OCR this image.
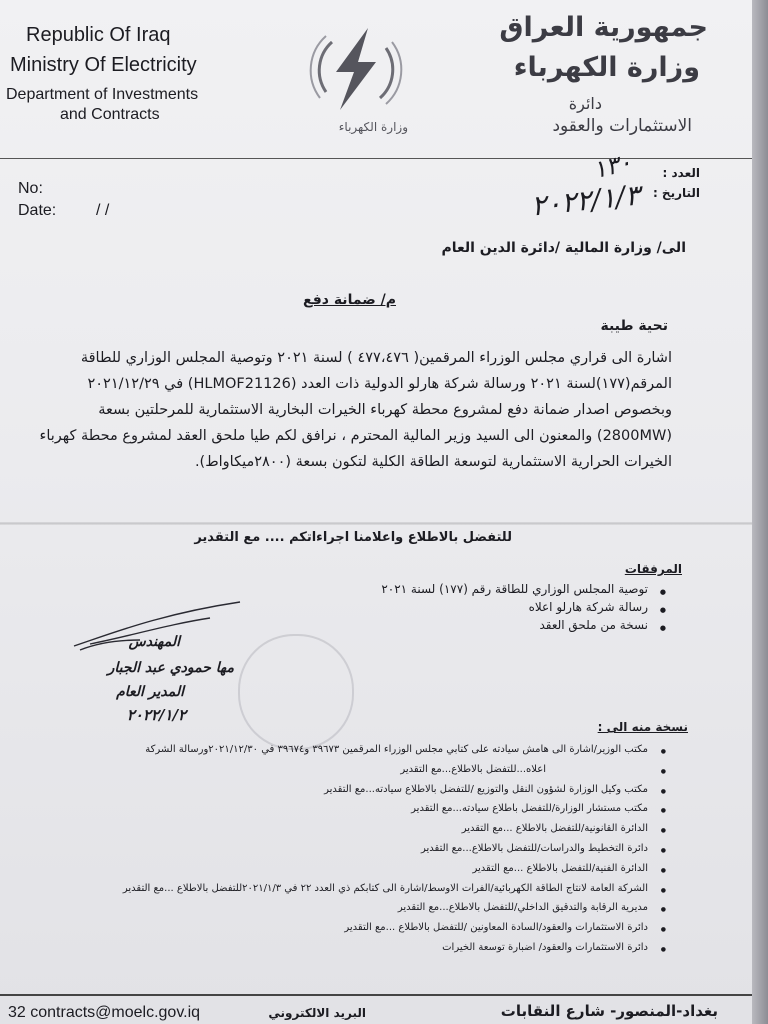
Republic Of Iraq
Ministry Of Electricity
Department of Investments
and Contracts
وزارة الكهرباء
جمهورية العراق
وزارة الكهرباء
دائرة
الاستثمارات والعقود
No:
Date: / /
العدد :
التاريخ :
١٣٠
٢٠٢٢/١/٣
الى/ وزارة المالية /دائرة الدين العام
م/ ضمانة دفع
تحية طيبة
اشارة الى قراري مجلس الوزراء المرقمين( ٤٧٧،٤٧٦ ) لسنة ٢٠٢١ وتوصية المجلس الوزاري للطاقة
المرقم(١٧٧)لسنة ٢٠٢١ ورسالة شركة هارلو الدولية ذات العدد (HLMOF21126) في ٢٠٢١/١٢/٢٩
وبخصوص اصدار ضمانة دفع لمشروع محطة كهرباء الخيرات البخارية الاستثمارية للمرحلتين بسعة
(2800MW) والمعنون الى السيد وزير المالية المحترم ، نرافق لكم طيا ملحق العقد لمشروع محطة كهرباء
الخيرات الحرارية الاستثمارية لتوسعة الطاقة الكلية لتكون بسعة (٢٨٠٠ميكاواط).
للتفضل بالاطلاع واعلامنا اجراءاتكم .... مع التقدير
المرفقات
● توصية المجلس الوزاري للطاقة رقم (١٧٧) لسنة ٢٠٢١
● رسالة شركة هارلو اعلاه
● نسخة من ملحق العقد
المهندس
مها حمودي عبد الجبار
المدير العام
٢٠٢٢/١/٢
نسخة منه الى :
● مكتب الوزير/اشارة الى هامش سيادته على كتابي مجلس الوزراء المرقمين ٣٩٦٧٣ و٣٩٦٧٤ في ٢٠٢١/١٢/٣٠ورسالة الشركة
● اعلاه...للتفضل بالاطلاع...مع التقدير
● مكتب وكيل الوزارة لشؤون النقل والتوزيع /للتفضل بالاطلاع سيادته...مع التقدير
● مكتب مستشار الوزارة/للتفضل باطلاع سيادته...مع التقدير
● الدائرة القانونية/للتفضل بالاطلاع ...مع التقدير
● دائرة التخطيط والدراسات/للتفضل بالاطلاع...مع التقدير
● الدائرة الفنية/للتفضل بالاطلاع ...مع التقدير
● الشركة العامة لانتاج الطاقة الكهربائية/الفرات الاوسط/اشارة الى كتابكم ذي العدد ٢٢ في ٢٠٢١/١/٣للتفضل بالاطلاع ...مع التقدير
● مديرية الرقابة والتدقيق الداخلي/للتفضل بالاطلاع...مع التقدير
● دائرة الاستثمارات والعقود/السادة المعاونين /للتفضل بالاطلاع ...مع التقدير
● دائرة الاستثمارات والعقود/ اضبارة توسعة الخيرات
32 contracts@moelc.gov.iq	البريد الالكتروني	بغداد-المنصور- شارع النقابات
